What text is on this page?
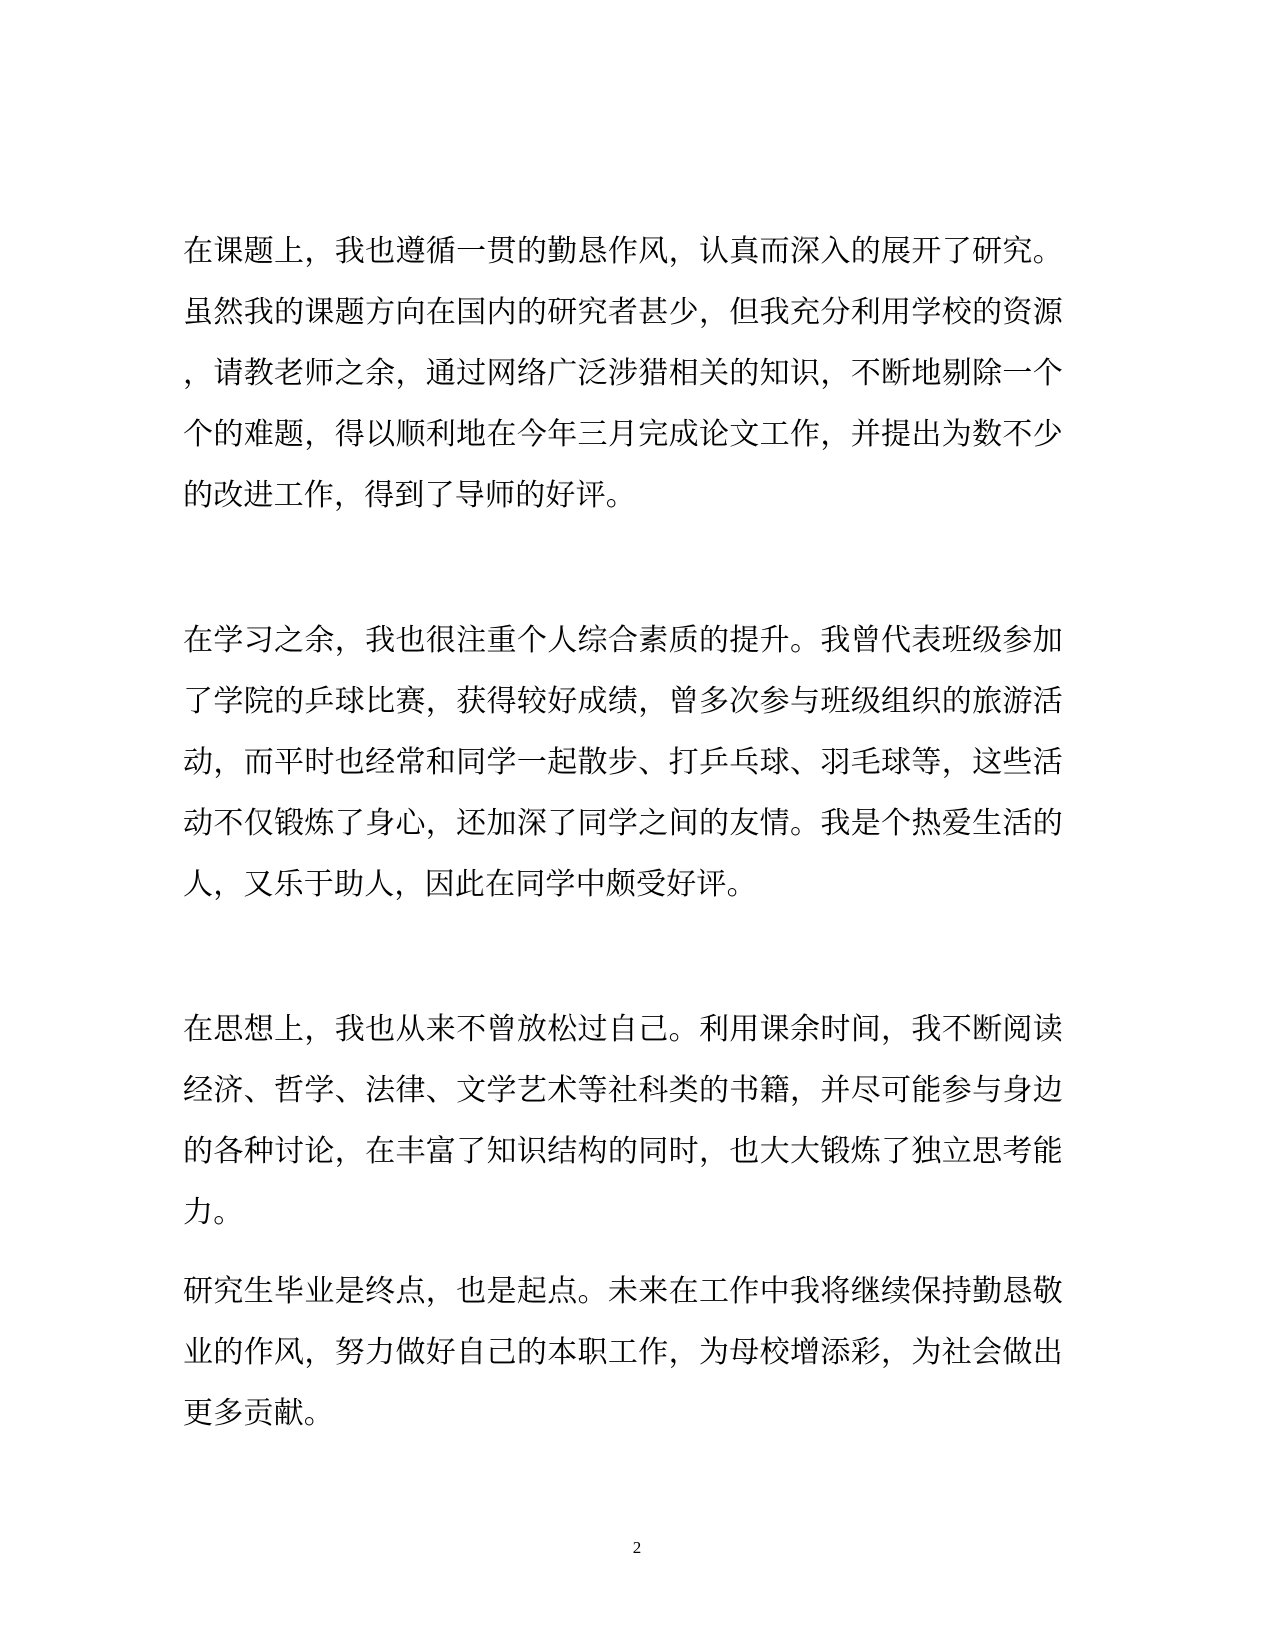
在课题上，我也遵循一贯的勤恳作风，认真而深入的展开了研究。虽然我的课题方向在国内的研究者甚少，但我充分利用学校的资源，请教老师之余，通过网络广泛涉猎相关的知识，不断地剔除一个个的难题，得以顺利地在今年三月完成论文工作，并提出为数不少的改进工作，得到了导师的好评。

在学习之余，我也很注重个人综合素质的提升。我曾代表班级参加了学院的乒球比赛，获得较好成绩，曾多次参与班级组织的旅游活动，而平时也经常和同学一起散步、打乒乓球、羽毛球等，这些活动不仅锻炼了身心，还加深了同学之间的友情。我是个热爱生活的人，又乐于助人，因此在同学中颇受好评。

在思想上，我也从来不曾放松过自己。利用课余时间，我不断阅读经济、哲学、法律、文学艺术等社科类的书籍，并尽可能参与身边的各种讨论，在丰富了知识结构的同时，也大大锻炼了独立思考能力。

研究生毕业是终点，也是起点。未来在工作中我将继续保持勤恳敬业的作风，努力做好自己的本职工作，为母校增添彩，为社会做出更多贡献。

2
